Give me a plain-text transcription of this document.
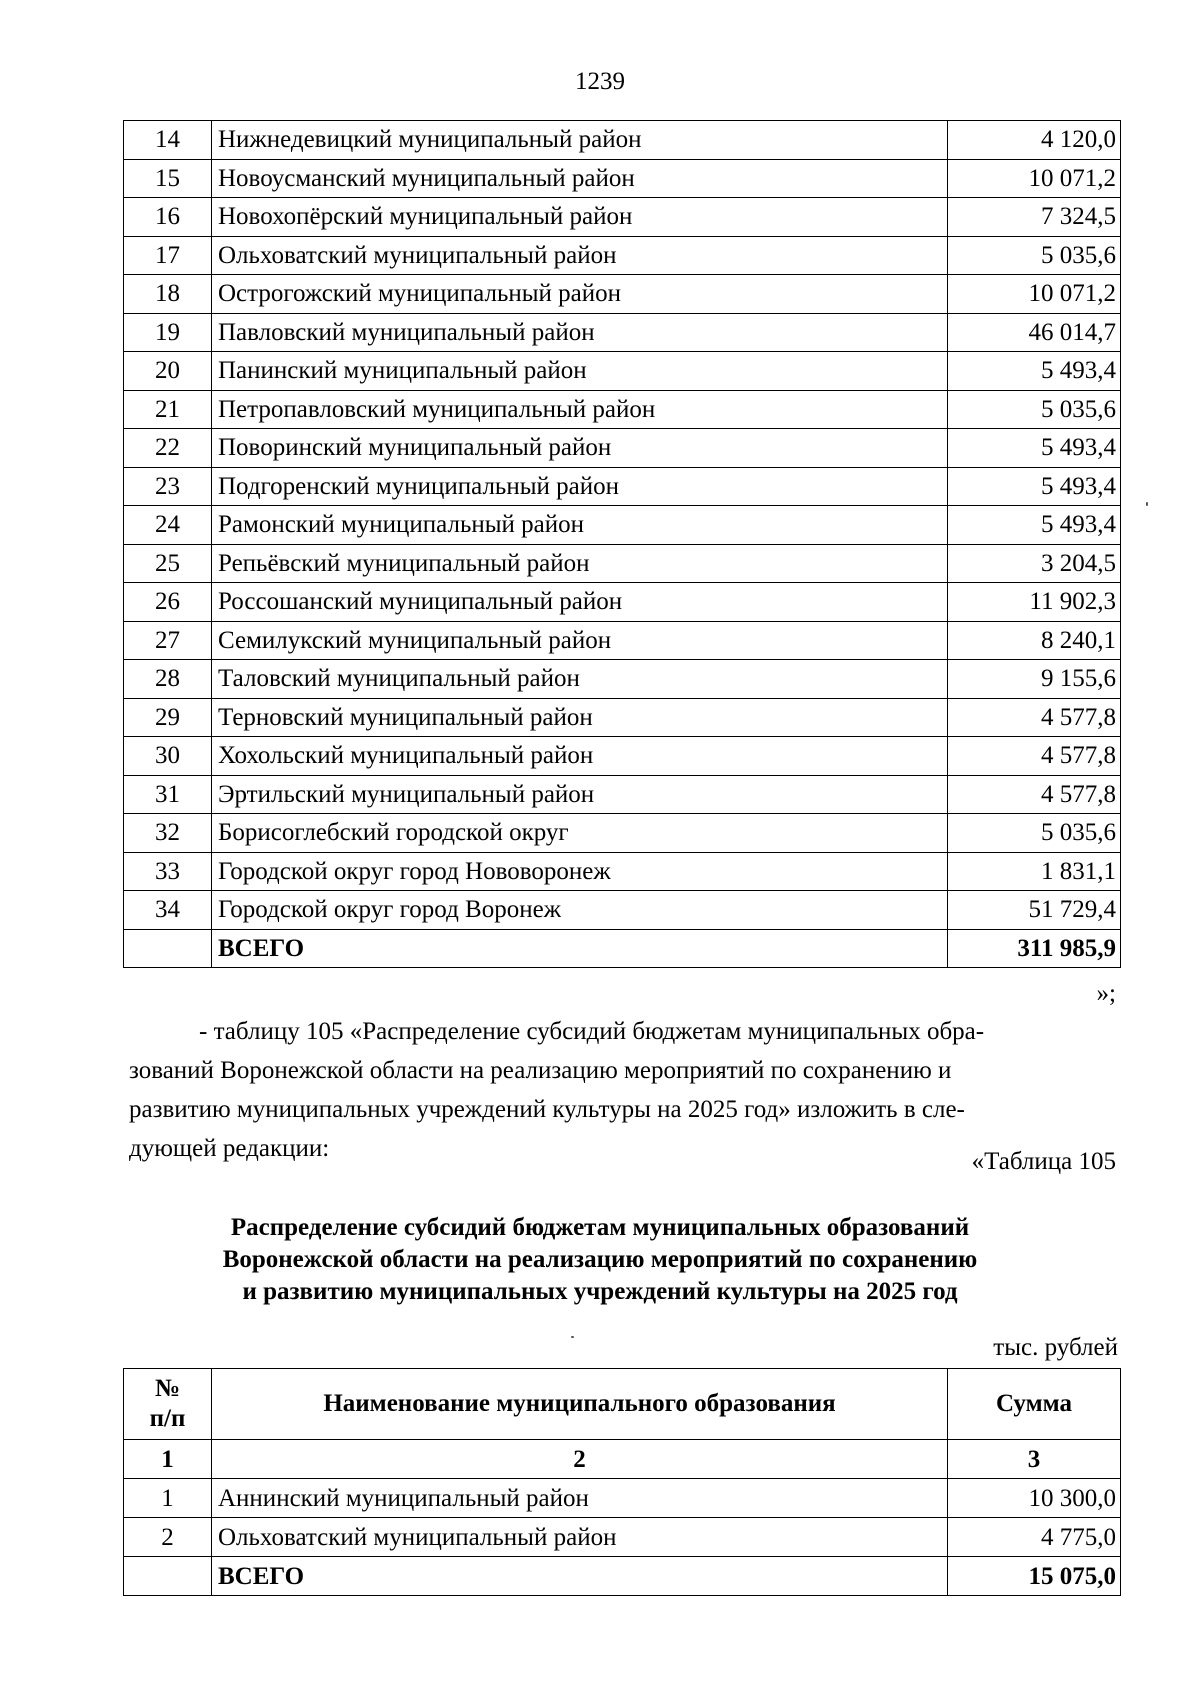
1239
14	Нижнедевицкий муниципальный район	4 120,0
15	Новоусманский муниципальный район	10 071,2
16	Новохопёрский муниципальный район	7 324,5
17	Ольховатский муниципальный район	5 035,6
18	Острогожский муниципальный район	10 071,2
19	Павловский муниципальный район	46 014,7
20	Панинский муниципальный район	5 493,4
21	Петропавловский муниципальный район	5 035,6
22	Поворинский муниципальный район	5 493,4
23	Подгоренский муниципальный район	5 493,4
24	Рамонский муниципальный район	5 493,4
25	Репьёвский муниципальный район	3 204,5
26	Россошанский муниципальный район	11 902,3
27	Семилукский муниципальный район	8 240,1
28	Таловский муниципальный район	9 155,6
29	Терновский муниципальный район	4 577,8
30	Хохольский муниципальный район	4 577,8
31	Эртильский муниципальный район	4 577,8
32	Борисоглебский городской округ	5 035,6
33	Городской округ город Нововоронеж	1 831,1
34	Городской округ город Воронеж	51 729,4
	ВСЕГО	311 985,9
»;
- таблицу 105 «Распределение субсидий бюджетам муниципальных обра-
зований Воронежской области на реализацию мероприятий по сохранению и
развитию муниципальных учреждений культуры на 2025 год» изложить в сле-
дующей редакции:	«Таблица 105
Распределение субсидий бюджетам муниципальных образований
Воронежской области на реализацию мероприятий по сохранению
и развитию муниципальных учреждений культуры на 2025 год
тыс. рублей
№
п/п	Наименование муниципального образования	Сумма
1	2	3
1	Аннинский муниципальный район	10 300,0
2	Ольховатский муниципальный район	4 775,0
	ВСЕГО	15 075,0
